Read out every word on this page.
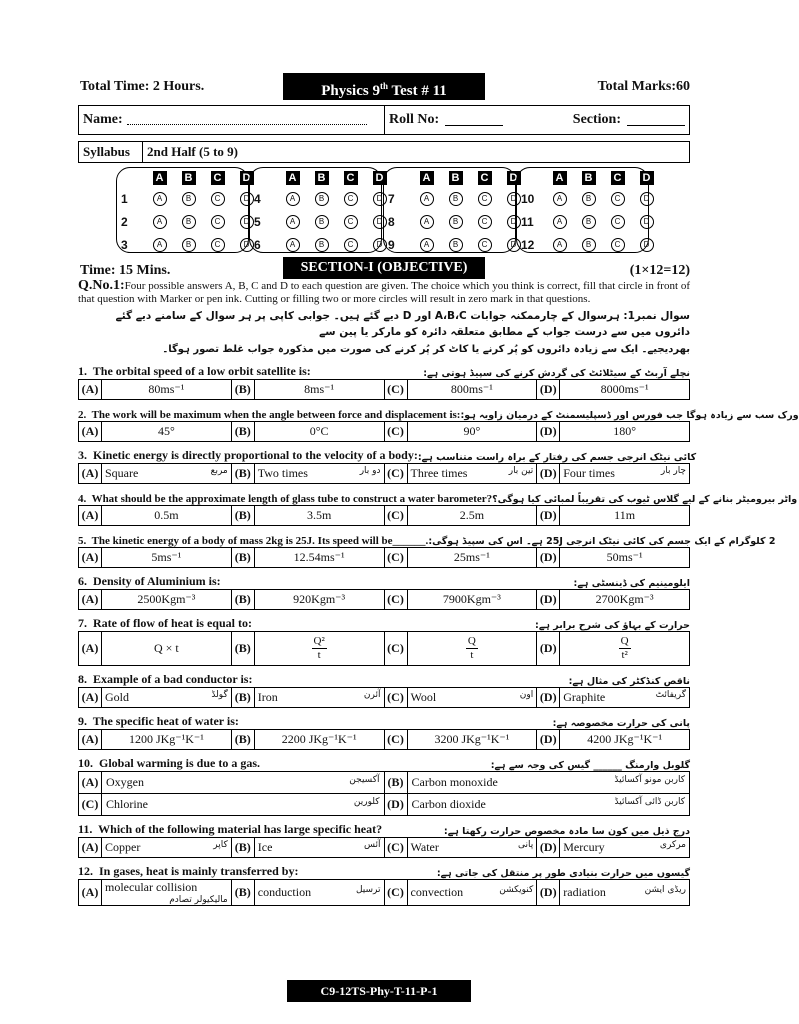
Total Time: 2 Hours.	Physics 9th Test # 11	Total Marks:60
Name:	Roll No:	Section:
Syllabus	2nd Half (5 to 9)
A	B	C	D
1	A	B	C	D
2	A	B	C	D
3	A	B	C	D
A	B	C	D
4	A	B	C	D
5	A	B	C	D
6	A	B	C	D
A	B	C	D
7	A	B	C	D
8	A	B	C	D
9	A	B	C	D
A	B	C	D
10	A	B	C	D
11	A	B	C	D
12	A	B	C	D
Time: 15 Mins.	SECTION-I (OBJECTIVE)	(1×12=12)

Q.No.1:Four possible answers A, B, C and D to each question are given. The choice which you think is correct, fill that circle in front of that question with Marker or pen ink. Cutting or filling two or more circles will result in zero mark in that questions.

سوال نمبر1: ہرسوال کے چارممکنہ جوابات A،B،C اور D دیے گئے ہیں۔ جوابی کاپی پر ہر سوال کے سامنے دیے گئے دائروں میں سے درست جواب کے مطابق متعلقہ دائرہ کو مارکر یا پین سے

بھردیجیے۔ ایک سے زیادہ دائروں کو پُر کرنے یا کاٹ کر پُر کرنے کی صورت میں مذکورہ جواب غلط تصور ہوگا۔

1. The orbital speed of a low orbit satellite is:	نچلے آربٹ کے سیٹلائٹ کی گردش کرنے کی سپیڈ ہوتی ہے:
(A)	80ms⁻¹	(B)	8ms⁻¹	(C)	800ms⁻¹	(D)	8000ms⁻¹
2. The work will be maximum when the angle between force and displacement is: ورک سب سے زیادہ ہوگا جب فورس اور ڈسپلیسمنٹ کے درمیان زاویہ ہو:
(A)	45°	(B)	0°C	(C)	90°	(D)	180°
3. Kinetic energy is directly proportional to the velocity of a body: کائی نیٹک انرجی جسم کی رفتار کے براہ راست متناسب ہے:
(A)	Square	مربع	(B)	Two times	دو بار	(C)	Three times	تین بار	(D)	Four times	چار بار
4. What should be the approximate length of glass tube to construct a water barometer? واٹر بیرومیٹر بنانے کے لیے گلاس ٹیوب کی تقریباً لمبائی کیا ہوگی؟
(A)	0.5m	(B)	3.5m	(C)	2.5m	(D)	11m
5. The kinetic energy of a body of mass 2kg is 25J. Its speed will be______. 2 کلوگرام کے ایک جسم کی کائی نیٹک انرجی 25J ہے۔ اس کی سپیڈ ہوگی:
(A)	5ms⁻¹	(B)	12.54ms⁻¹	(C)	25ms⁻¹	(D)	50ms⁻¹
6. Density of Aluminium is:	ایلومینیم کی ڈینسٹی ہے:
(A)	2500Kgm⁻³	(B)	920Kgm⁻³	(C)	7900Kgm⁻³	(D)	2700Kgm⁻³
7. Rate of flow of heat is equal to:	حرارت کے بہاؤ کی شرح برابر ہے:
(A)	Q × t	(B)	$\frac{\text{Q²}}{t}$	(C)	$\frac{Q}{t}$	(D)	$\frac{Q}{\text{t²}}$
8. Example of a bad conductor is:	ناقص کنڈکٹر کی مثال ہے:
(A)	Gold	گولڈ	(B)	Iron	آئرن	(C)	Wool	اون	(D)	Graphite	گریفائٹ
9. The specific heat of water is:	پانی کی حرارت مخصوصہ ہے:
(A)	1200 JKg⁻¹K⁻¹	(B)	2200 JKg⁻¹K⁻¹	(C)	3200 JKg⁻¹K⁻¹	(D)	4200 JKg⁻¹K⁻¹
10. Global warming is due to a gas.	گلوبل وارمنگ ______ گیس کی وجہ سے ہے:
(A)	Oxygen آکسیجن	(B)	Carbon monoxide کاربن مونو آکسائیڈ

(C)	Chlorine کلورین	(D)	Carbon dioxide کاربن ڈائی آکسائیڈ
11. Which of the following material has large specific heat?	درج ذیل میں کون سا مادہ مخصوص حرارت رکھتا ہے:
(A)	Copper	کاپر	(B)	Ice	آئس	(C)	Water	پانی	(D)	Mercury	مرکری
12. In gases, heat is mainly transferred by:	گیسوں میں حرارت بنیادی طور پر منتقل کی جاتی ہے:
(A)	molecular collision
مالیکیولر تصادم
	(B)	conduction	ترسیل	(C)	convection	کنویکشن	(D)	radiation	ریڈی ایشن
C9-12TS-Phy-T-11-P-1
